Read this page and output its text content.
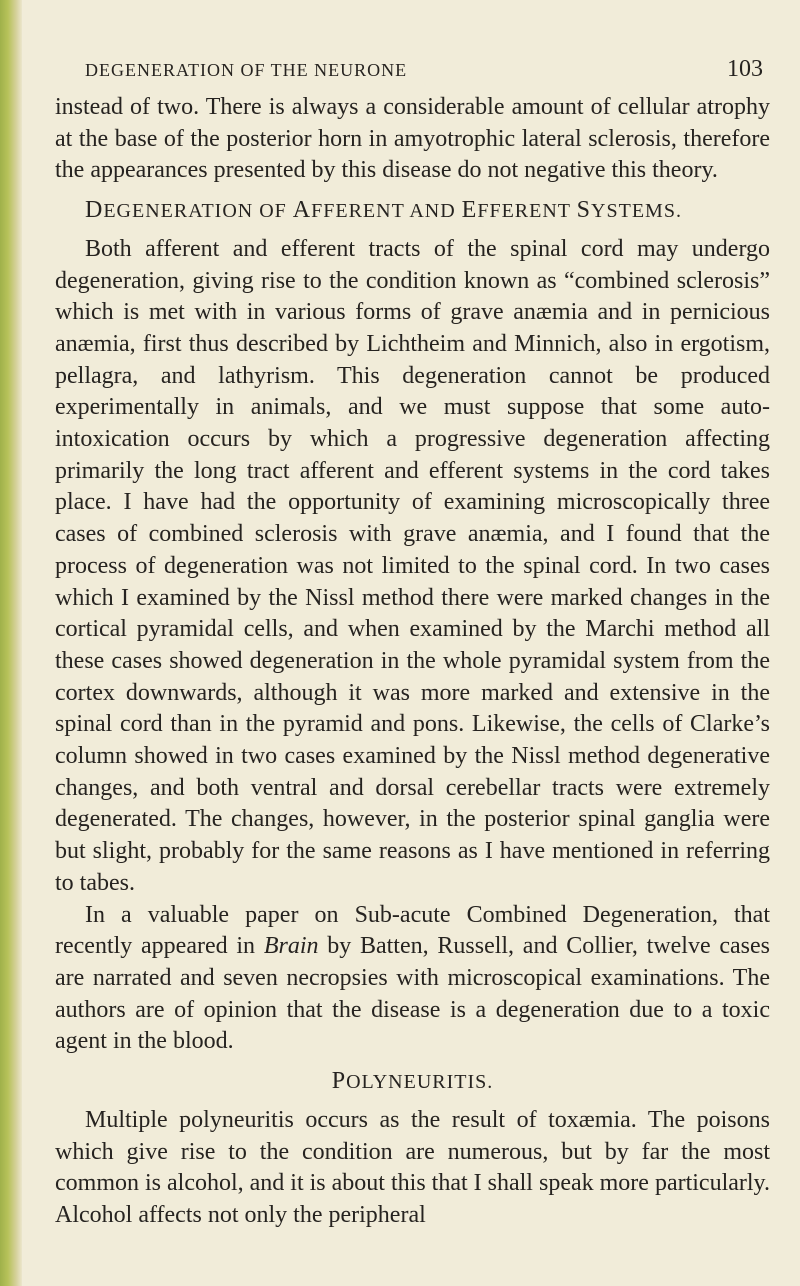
DEGENERATION OF THE NEURONE	103

instead of two. There is always a considerable amount of cellular atrophy at the base of the posterior horn in amyotrophic lateral sclerosis, therefore the appearances presented by this disease do not negative this theory.

DEGENERATION OF AFFERENT AND EFFERENT SYSTEMS.

Both afferent and efferent tracts of the spinal cord may undergo degeneration, giving rise to the condition known as “combined sclerosis” which is met with in various forms of grave anæmia and in pernicious anæmia, first thus described by Lichtheim and Minnich, also in ergotism, pellagra, and lathyrism. This degeneration cannot be produced experimentally in animals, and we must suppose that some auto-intoxication occurs by which a progressive degeneration affecting primarily the long tract afferent and efferent systems in the cord takes place. I have had the opportunity of examining microscopically three cases of combined sclerosis with grave anæmia, and I found that the process of degeneration was not limited to the spinal cord. In two cases which I examined by the Nissl method there were marked changes in the cortical pyramidal cells, and when examined by the Marchi method all these cases showed degeneration in the whole pyramidal system from the cortex downwards, although it was more marked and extensive in the spinal cord than in the pyramid and pons. Likewise, the cells of Clarke’s column showed in two cases examined by the Nissl method degenerative changes, and both ventral and dorsal cerebellar tracts were extremely degenerated. The changes, however, in the posterior spinal ganglia were but slight, probably for the same reasons as I have mentioned in referring to tabes.

In a valuable paper on Sub-acute Combined Degeneration, that recently appeared in Brain by Batten, Russell, and Collier, twelve cases are narrated and seven necropsies with microscopical examinations. The authors are of opinion that the disease is a degeneration due to a toxic agent in the blood.

POLYNEURITIS.

Multiple polyneuritis occurs as the result of toxæmia. The poisons which give rise to the condition are numerous, but by far the most common is alcohol, and it is about this that I shall speak more particularly. Alcohol affects not only the peripheral
